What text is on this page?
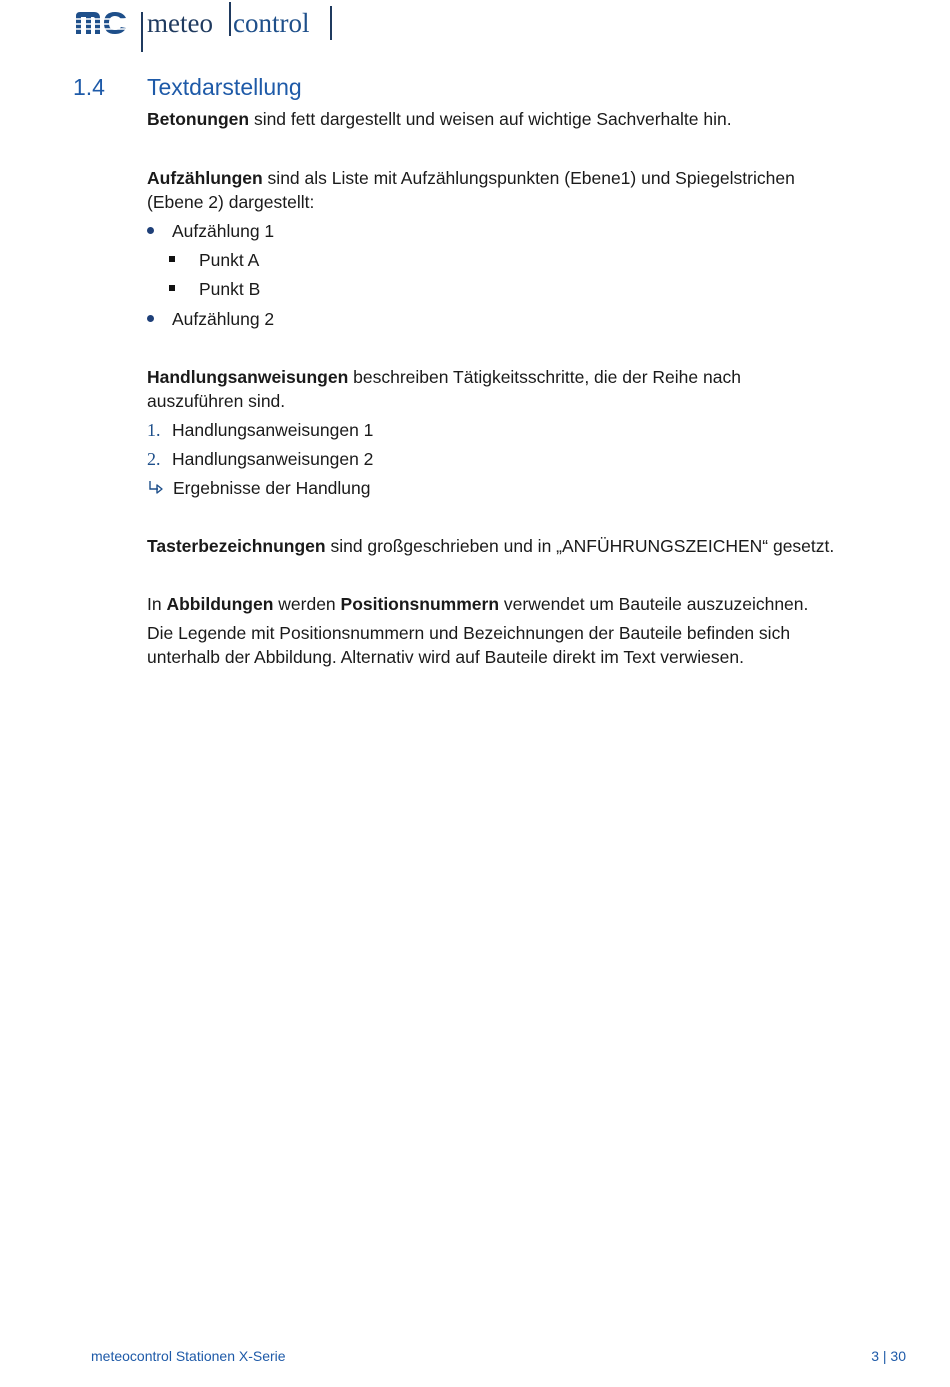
meteo control
1.4 Textdarstellung
Betonungen sind fett dargestellt und weisen auf wichtige Sachverhalte hin.
Aufzählungen sind als Liste mit Aufzählungspunkten (Ebene1) und Spiegelstrichen
(Ebene 2) dargestellt:
Aufzählung 1
Punkt A
Punkt B
Aufzählung 2
Handlungsanweisungen beschreiben Tätigkeitsschritte, die der Reihe nach
auszuführen sind.
1. Handlungsanweisungen 1
2. Handlungsanweisungen 2
Ergebnisse der Handlung
Tasterbezeichnungen sind großgeschrieben und in „ANFÜHRUNGSZEICHEN“ gesetzt.
In Abbildungen werden Positionsnummern verwendet um Bauteile auszuzeichnen.
Die Legende mit Positionsnummern und Bezeichnungen der Bauteile befinden sich
unterhalb der Abbildung. Alternativ wird auf Bauteile direkt im Text verwiesen.
meteocontrol Stationen X-Serie	3 | 30
